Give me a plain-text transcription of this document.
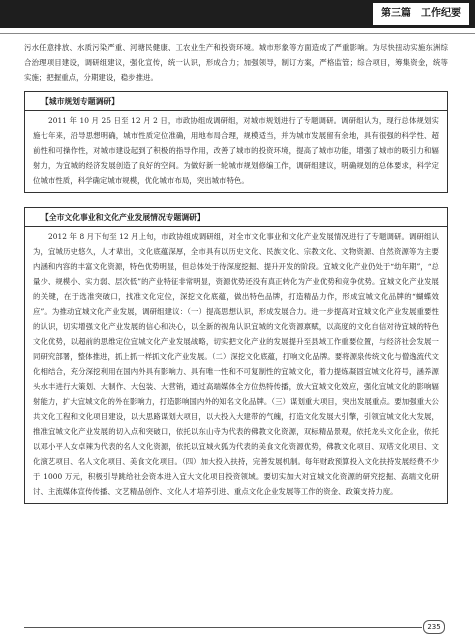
第三篇　工作纪要

污水任意排放、水质污染严重、河塘民健康、工农业生产和投资环境。城市形象等方面造成了严重影响。为尽快扭动实施东洲综合治理项目建设，调研组建议，强化宣传，统一认识，形成合力；加强领导，制订方案，严格监管；综合项目，筹集资金，统等实施；把握重点，分期建设，稳步推进。

【城市规划专题调研】

2011 年 10 月 25 日至 12 月 2 日，市政协组成调研组，对城市规划进行了专题调研。调研组认为，现行总体规划实施七年来，沿导思想明确，城市性质定位准确，用地布局合理，规模适当，并为城市发展留有余地，具有很强的科学性、超前性和可操作性，对城市建设起到了积极的指导作用，改善了城市的投资环境，提高了城市功能，增强了城市的吸引力和辐射力，为宜城的经济发展创造了良好的空间。为做好新一轮城市规划修编工作，调研组建议，明确规划的总体要求，科学定位城市性质，科学确定城市规模，优化城市布局，突出城市特色。

【全市文化事业和文化产业发展情况专题调研】

2012 年 8 月下旬至 12 月上旬，市政协组成调研组，对全市文化事业和文化产业发展情况进行了专题调研。调研组认为，宜城历史悠久，人才辈出，文化底蕴深厚，全市具有以历史文化、民族文化、宗教文化、文物资源、自然资源等为主要内涵和内容的丰富文化资源，特色优势明显，但总体处于待深度挖掘、提升开发的阶段。宜城文化产业仍处于“幼年期”，“总量少、规模小、实力弱、层次低”的产业特征非常明显，资源优势还没有真正转化为产业优势和竞争优势。宜城文化产业发展的关键，在于选准突破口，找准文化定位，深挖文化底蕴，做出特色品牌，打造精品力作，形成宜城文化品牌的“蝴蝶效应”。为推动宜城文化产业发展，调研组建议：（一）提高思想认识，形成发展合力。进一步提高对宜城文化产业发展重要性的认识，切实增强文化产业发展的信心和决心，以全新的视角认识宜城的文化资源禀赋，以高度的文化自信对待宜城的特色文化优势，以超前的思维定位宜城文化产业发展战略，切实把文化产业的发展提升至县域工作重要位置，与经济社会发展一同研究部署，整体推进，抓上抓一样抓文化产业发展。（二）深挖文化底蕴，打响文化品牌。要将源泉传统文化与僧逸流代文化相结合，充分深挖利用在国内外具有影响力、具有唯一性和不可复制性的宜城文化，着力提炼凝固宜城文化符号，涵养源头水丰进行大策划、大制作、大包装、大营销，通过高端媒体全方位热特传播，放大宜城文化效应，强化宜城文化的影响辐射能力，扩大宜城文化的外在影响力，打造影响国内外的知名文化品牌。（三）谋划重大项目，突出发展重点。要加强重大公共文化工程和文化项目建设，以大思路谋划大项目，以大投入大建带的气魄，打造文化发展大引擎，引领宜城文化大发展，推准宜城文化产业发展的切入点和突破口，依托以东山寺为代表的佛教文化资源，双标精品景观，依托龙头文化企业，依托以邓小平人女卓辣为代表的名人文化资源，依托以宜城火狐为代表的美食文化资源优势，佛教文化项目、双塔文化项目、文化演艺项目、名人文化项目、美食文化项目。（四）加大投入扶持，完善发展机制。每年财政预算投入文化扶持发展经费不少于 1000 万元，积极引导跳给社会资本进入宜大文化项目投资领域。要切实加大对宜城文化资源的研究挖掘、高端文化研讨、主流媒体宣传传播、文艺精品创作、文化人才培养引进、重点文化企业发展等工作的资金、政策支持力度。

235
